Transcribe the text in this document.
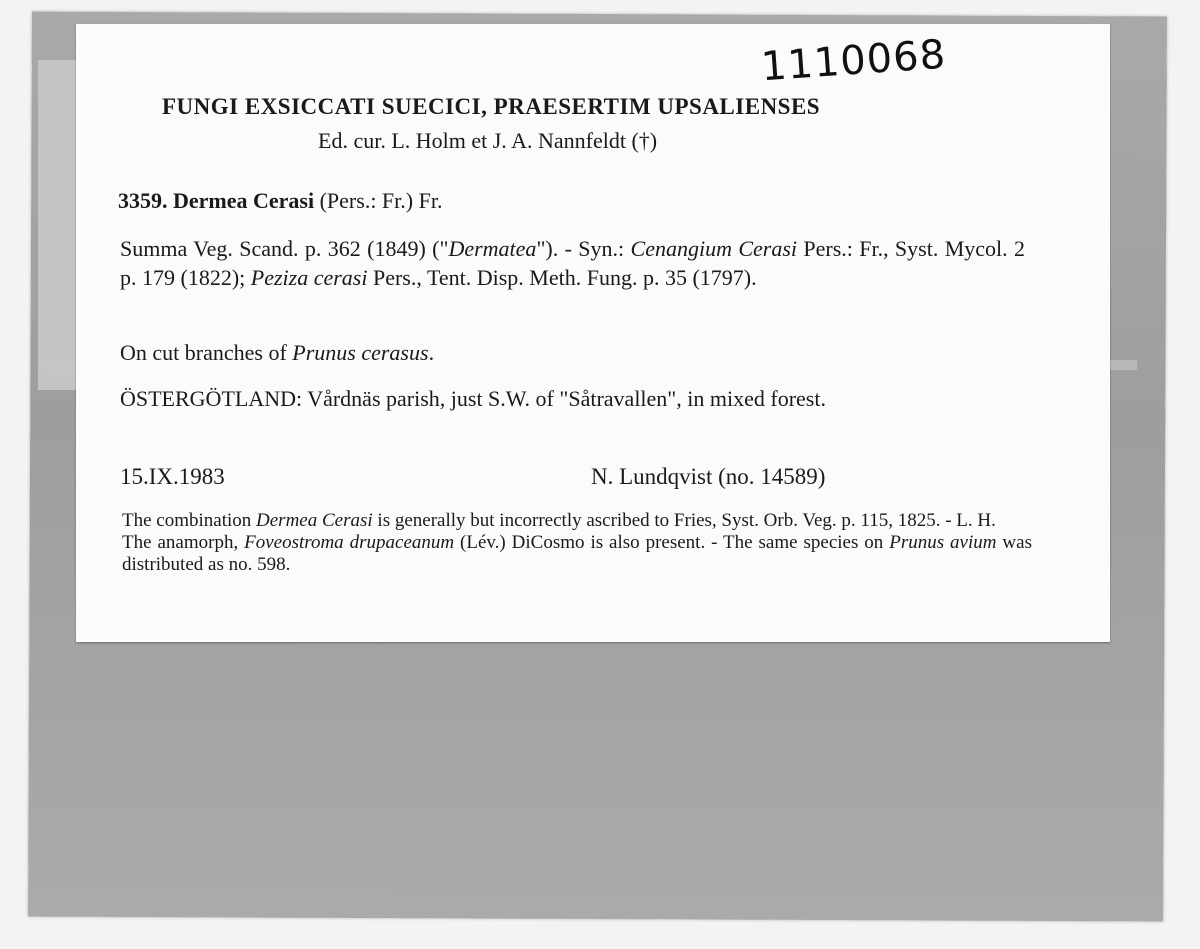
1110068
FUNGI EXSICCATI SUECICI, PRAESERTIM UPSALIENSES
Ed. cur. L. Holm et J. A. Nannfeldt (†)
3359. Dermea Cerasi (Pers.: Fr.) Fr.
Summa Veg. Scand. p. 362 (1849) ("Dermatea"). - Syn.: Cenangium Cerasi Pers.: Fr., Syst. Mycol. 2 p. 179 (1822); Peziza cerasi Pers., Tent. Disp. Meth. Fung. p. 35 (1797).
On cut branches of Prunus cerasus.
ÖSTERGÖTLAND: Vårdnäs parish, just S.W. of "Såtravallen", in mixed forest.
15.IX.1983	N. Lundqvist (no. 14589)

The combination Dermea Cerasi is generally but incorrectly ascribed to Fries, Syst. Orb. Veg. p. 115, 1825. - L. H.

The anamorph, Foveostroma drupaceanum (Lév.) DiCosmo is also present. - The same species on Prunus avium was distributed as no. 598.
